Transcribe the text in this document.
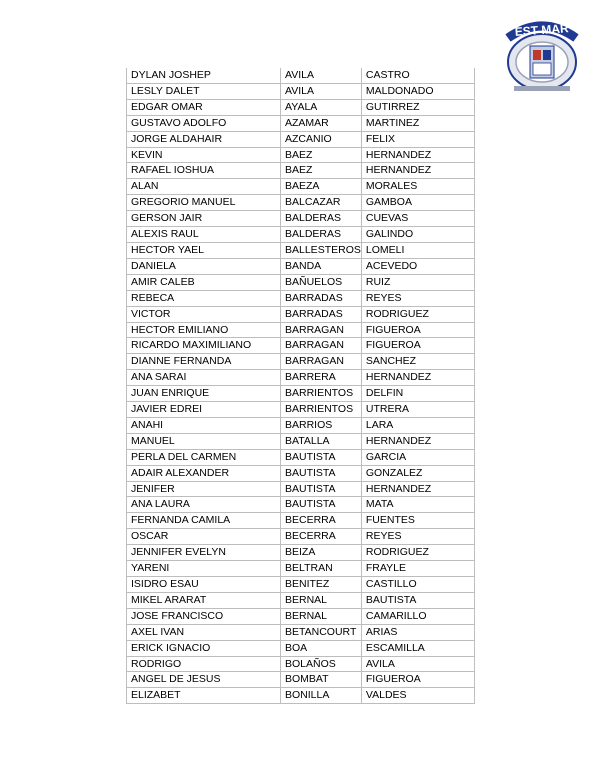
EST MAR
DYLAN JOSHEP	AVILA	CASTRO
LESLY DALET	AVILA	MALDONADO
EDGAR OMAR	AYALA	GUTIRREZ
GUSTAVO ADOLFO	AZAMAR	MARTINEZ
JORGE ALDAHAIR	AZCANIO	FELIX
KEVIN	BAEZ	HERNANDEZ
RAFAEL IOSHUA	BAEZ	HERNANDEZ
ALAN	BAEZA	MORALES
GREGORIO MANUEL	BALCAZAR	GAMBOA
GERSON JAIR	BALDERAS	CUEVAS
ALEXIS RAUL	BALDERAS	GALINDO
HECTOR YAEL	BALLESTEROS	LOMELI
DANIELA	BANDA	ACEVEDO
AMIR CALEB	BAÑUELOS	RUIZ
REBECA	BARRADAS	REYES
VICTOR	BARRADAS	RODRIGUEZ
HECTOR EMILIANO	BARRAGAN	FIGUEROA
RICARDO MAXIMILIANO	BARRAGAN	FIGUEROA
DIANNE FERNANDA	BARRAGAN	SANCHEZ
ANA SARAI	BARRERA	HERNANDEZ
JUAN ENRIQUE	BARRIENTOS	DELFIN
JAVIER EDREI	BARRIENTOS	UTRERA
ANAHI	BARRIOS	LARA
MANUEL	BATALLA	HERNANDEZ
PERLA DEL CARMEN	BAUTISTA	GARCIA
ADAIR ALEXANDER	BAUTISTA	GONZALEZ
JENIFER	BAUTISTA	HERNANDEZ
ANA LAURA	BAUTISTA	MATA
FERNANDA CAMILA	BECERRA	FUENTES
OSCAR	BECERRA	REYES
JENNIFER EVELYN	BEIZA	RODRIGUEZ
YARENI	BELTRAN	FRAYLE
ISIDRO ESAU	BENITEZ	CASTILLO
MIKEL ARARAT	BERNAL	BAUTISTA
JOSE FRANCISCO	BERNAL	CAMARILLO
AXEL IVAN	BETANCOURT	ARIAS
ERICK IGNACIO	BOA	ESCAMILLA
RODRIGO	BOLAÑOS	AVILA
ANGEL DE JESUS	BOMBAT	FIGUEROA
ELIZABET	BONILLA	VALDES
